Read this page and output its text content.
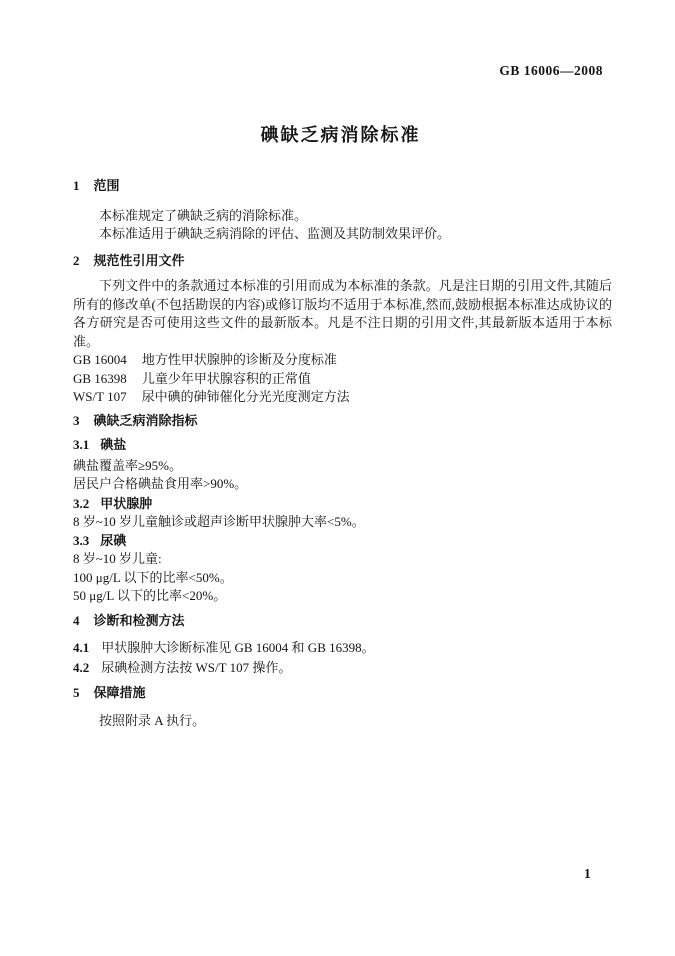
GB 16006—2008
碘缺乏病消除标准
1 范围

本标准规定了碘缺乏病的消除标准。

本标准适用于碘缺乏病消除的评估、监测及其防制效果评价。

2 规范性引用文件

下列文件中的条款通过本标准的引用而成为本标准的条款。凡是注日期的引用文件,其随后所有的修改单(不包括勘误的内容)或修订版均不适用于本标准,然而,鼓励根据本标准达成协议的各方研究是否可使用这些文件的最新版本。凡是不注日期的引用文件,其最新版本适用于本标准。

GB 16004 地方性甲状腺肿的诊断及分度标准
GB 16398 儿童少年甲状腺容积的正常值
WS/T 107 尿中碘的砷铈催化分光光度测定方法
3 碘缺乏病消除指标
3.1 碘盐
碘盐覆盖率≥95%。
居民户合格碘盐食用率>90%。
3.2 甲状腺肿
8 岁~10 岁儿童触诊或超声诊断甲状腺肿大率<5%。
3.3 尿碘
8 岁~10 岁儿童:
100 μg/L 以下的比率<50%。
50 μg/L 以下的比率<20%。
4 诊断和检测方法
4.1 甲状腺肿大诊断标准见 GB 16004 和 GB 16398。
4.2 尿碘检测方法按 WS/T 107 操作。
5 保障措施

按照附录 A 执行。

1
